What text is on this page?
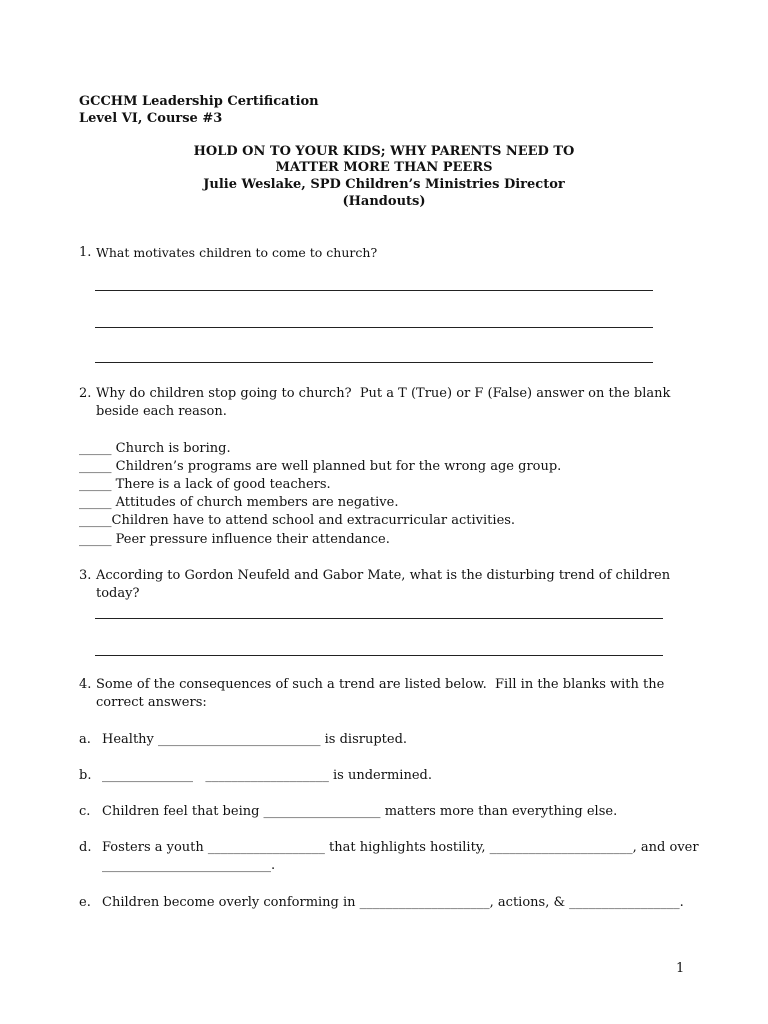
GCCHM Leadership Certification
Level VI, Course #3
HOLD ON TO YOUR KIDS; WHY PARENTS NEED TO
MATTER MORE THAN PEERS
Julie Weslake, SPD Children’s Ministries Director
(Handouts)
1. What motivates children to come to church?
2. Why do children stop going to church?  Put a T (True) or F (False) answer on the blank
beside each reason.
_____ Church is boring.
_____ Children’s programs are well planned but for the wrong age group.
_____ There is a lack of good teachers.
_____ Attitudes of church members are negative.
_____Children have to attend school and extracurricular activities.
_____ Peer pressure influence their attendance.
3. According to Gordon Neufeld and Gabor Mate, what is the disturbing trend of children
today?
4. Some of the consequences of such a trend are listed below.  Fill in the blanks with the
correct answers:
a. Healthy _________________________ is disrupted.
b. ______________   ___________________ is undermined.
c. Children feel that being __________________ matters more than everything else.
d. Fosters a youth __________________ that highlights hostility, ______________________, and over
__________________________.
e. Children become overly conforming in ____________________, actions, & _________________.
1
